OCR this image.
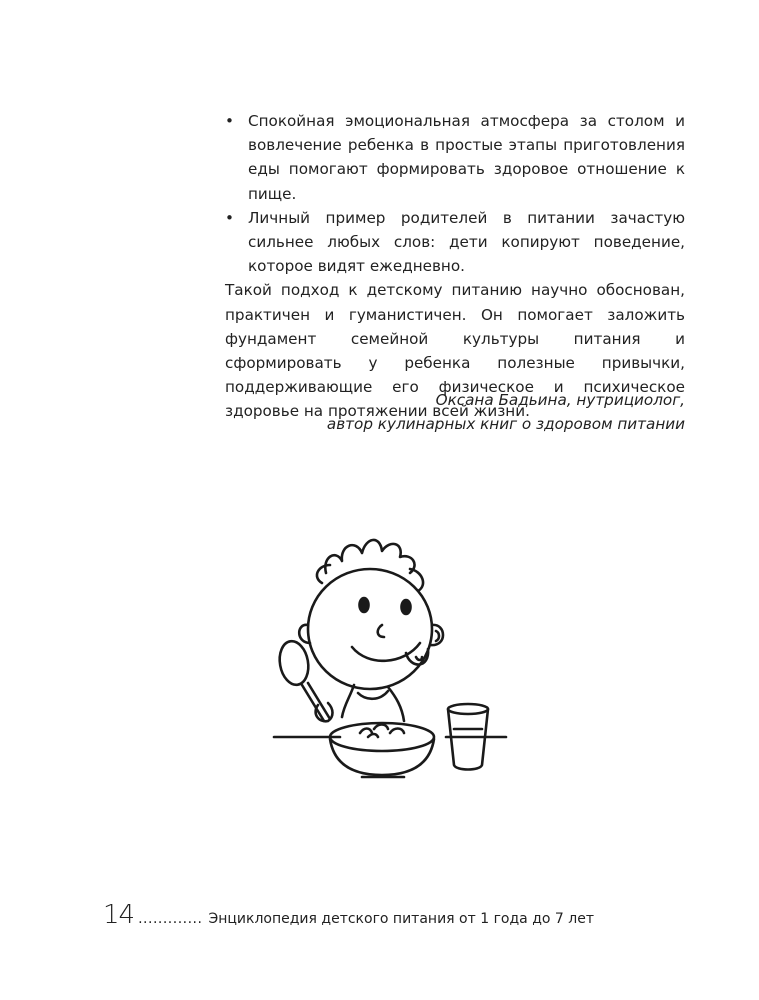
• Спокойная эмоциональная атмосфера за столом и вовлечение ребенка в простые этапы приготовления еды помогают формировать здоровое отношение к пище.
• Личный пример родителей в питании зачастую сильнее любых слов: дети копируют поведение, которое видят ежедневно.

Такой подход к детскому питанию научно обоснован, практичен и гуманистичен. Он помогает заложить фундамент семейной культуры питания и сформировать у ребенка полезные привычки, поддерживающие его физическое и психическое здоровье на протяжении всей жизни.

Оксана Бадьина, нутрициолог,
автор кулинарных книг о здоровом питании
14 ............. Энциклопедия детского питания от 1 года до 7 лет
